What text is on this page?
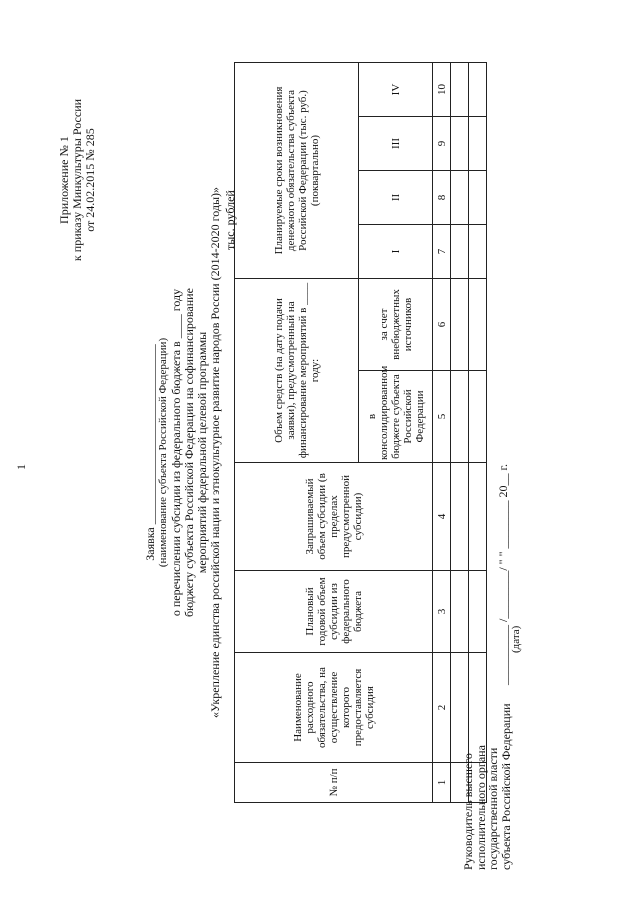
1
Приложение № 1 к приказу Минкультуры России от 24.02.2015 № 285
Заявка ______________________________ (наименование субъекта Российской Федерации) о перечислении субсидии из федерального бюджета в ____ году бюджету субъекта Российской Федерации на софинансирование мероприятий федеральной целевой программы «Укрепление единства российской нации и этнокультурное развитие народов России (2014-2020 годы)» тыс. рублей
№ п/п	Наименование расходного обязательства, на осуществление которого предоставляется субсидия	Плановый годовой объем субсидии из федерального бюджета	Запрашиваемый объем субсидии (в пределах предусмотренной субсидии)	Объем средств (на дату подачи заявки), предусмотренный на финансирование мероприятий в ____ году:		Планируемые сроки возникновения денежного обязательства субъекта Российской Федерации (тыс. руб.) (поквартально)			
				в консолидированном бюджете субъекта Российской Федерации	за счет внебюджетных источников	I	II	III	IV
1	2	3	4	5	6	7	8	9	10

Руководитель высшего
исполнительного органа
государственной власти
субъекта Российской Федерации
__________ /________/ " " ________ 20__ г. (дата)
